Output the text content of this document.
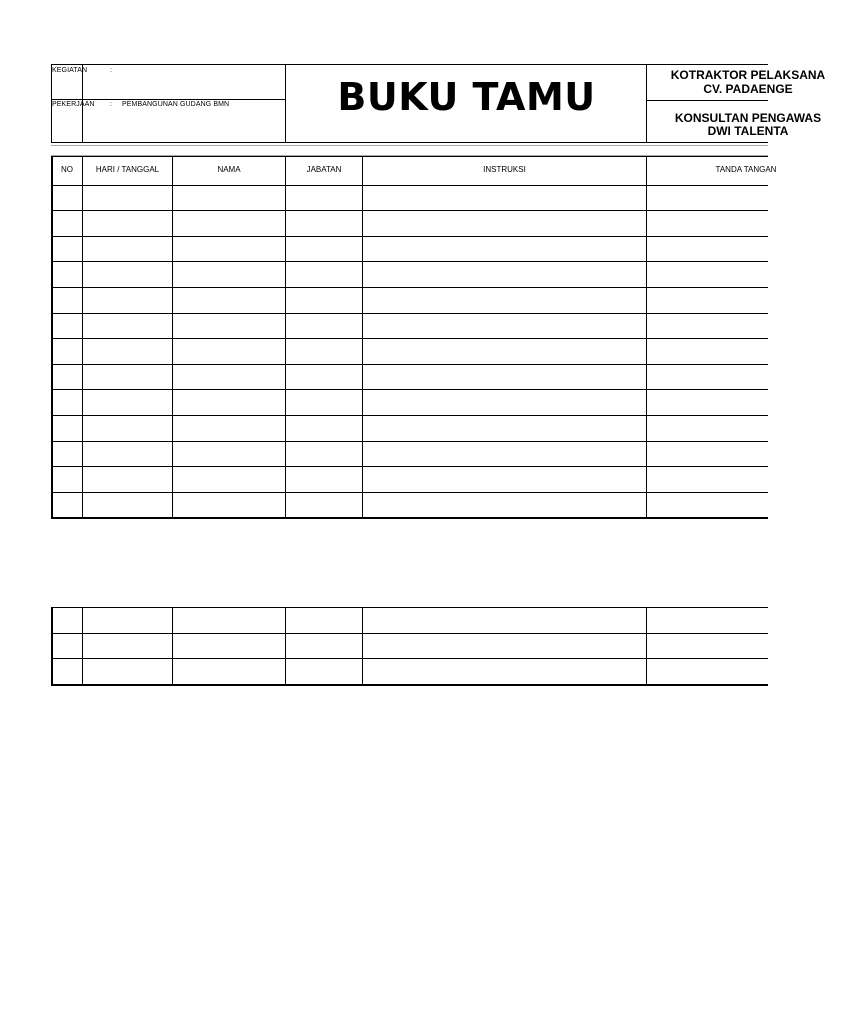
KEGIATAN	:
PEKERJAAN : PEMBANGUNAN GUDANG BMN	BUKU TAMU	KOTRAKTOR PELAKSANA
CV. PADAENGE
KONSULTAN PENGAWAS
DWI TALENTA
NO	HARI / TANGGAL	NAMA	JABATAN	INSTRUKSI	TANDA TANGAN
